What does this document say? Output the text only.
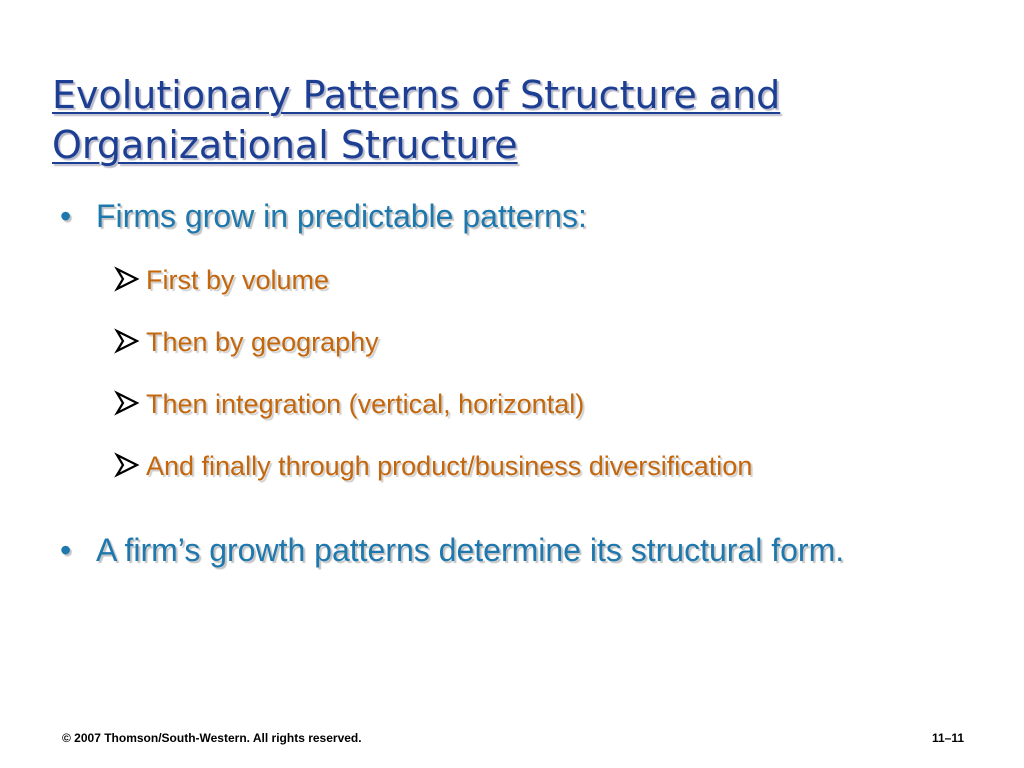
Evolutionary Patterns of Structure and
Organizational Structure
• Firms grow in predictable patterns:
First by volume
Then by geography
Then integration (vertical, horizontal)
And finally through product/business diversification
• A firm’s growth patterns determine its structural form.
© 2007 Thomson/South-Western. All rights reserved.	11–11
